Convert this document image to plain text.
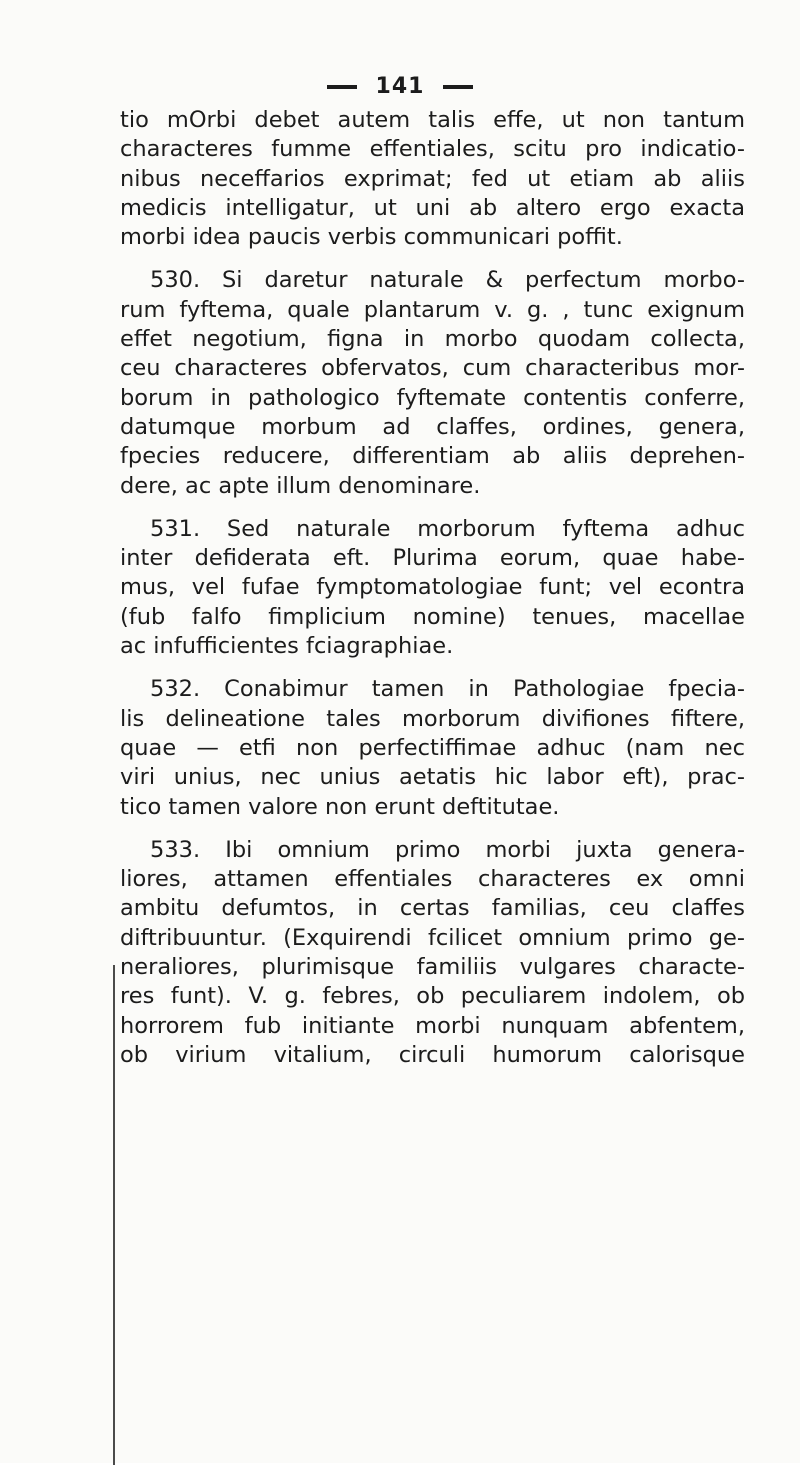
141
tio mOrbi debet autem talis effe, ut non tantum
characteres fumme effentiales, scitu pro indicatio-
nibus neceffarios exprimat; fed ut etiam ab aliis
medicis intelligatur, ut uni ab altero ergo exacta
morbi idea paucis verbis communicari poffit.
530. Si daretur naturale & perfectum morbo-
rum fyftema, quale plantarum v. g. , tunc exignum
effet negotium, figna in morbo quodam collecta,
ceu characteres obfervatos, cum characteribus mor-
borum in pathologico fyftemate contentis conferre,
datumque morbum ad claffes, ordines, genera,
fpecies reducere, differentiam ab aliis deprehen-
dere, ac apte illum denominare.
531. Sed naturale morborum fyftema adhuc
inter defiderata eft. Plurima eorum, quae habe-
mus, vel fufae fymptomatologiae funt; vel econtra
(fub falfo fimplicium nomine) tenues, macellae
ac infufficientes fciagraphiae.
532. Conabimur tamen in Pathologiae fpecia-
lis delineatione tales morborum divifiones fiftere,
quae — etfi non perfectiffimae adhuc (nam nec
viri unius, nec unius aetatis hic labor eft), prac-
tico tamen valore non erunt deftitutae.
533. Ibi omnium primo morbi juxta genera-
liores, attamen effentiales characteres ex omni
ambitu defumtos, in certas familias, ceu claffes
diftribuuntur. (Exquirendi fcilicet omnium primo ge-
neraliores, plurimisque familiis vulgares characte-
res funt). V. g. febres, ob peculiarem indolem, ob
horrorem fub initiante morbi nunquam abfentem,
ob virium vitalium, circuli humorum calorisque
